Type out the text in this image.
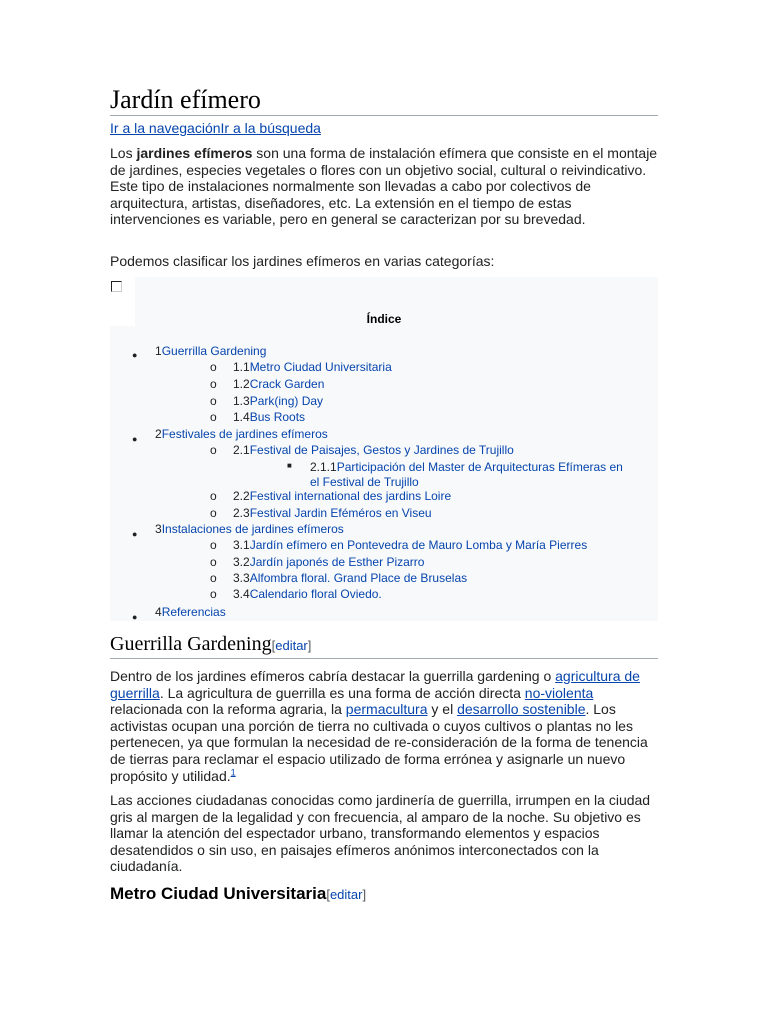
Jardín efímero
Ir a la navegaciónIr a la búsqueda

Los jardines efímeros son una forma de instalación efímera que consiste en el montaje de jardines, especies vegetales o flores con un objetivo social, cultural o reivindicativo. Este tipo de instalaciones normalmente son llevadas a cabo por colectivos de arquitectura, artistas, diseñadores, etc. La extensión en el tiempo de estas intervenciones es variable, pero en general se caracterizan por su brevedad.

Podemos clasificar los jardines efímeros en varias categorías:

Índice
● 1Guerrilla Gardening
o 1.1Metro Ciudad Universitaria
o 1.2Crack Garden
o 1.3Park(ing) Day
o 1.4Bus Roots
● 2Festivales de jardines efímeros
o 2.1Festival de Paisajes, Gestos y Jardines de Trujillo
■ 2.1.1Participación del Master de Arquitecturas Efímeras en
el Festival de Trujillo
o 2.2Festival international des jardins Loire
o 2.3Festival Jardin Eféméros en Viseu
● 3Instalaciones de jardines efímeros
o 3.1Jardín efímero en Pontevedra de Mauro Lomba y María Pierres
o 3.2Jardín japonés de Esther Pizarro
o 3.3Alfombra floral. Grand Place de Bruselas
o 3.4Calendario floral Oviedo.
● 4Referencias
Guerrilla Gardening[editar]

Dentro de los jardines efímeros cabría destacar la guerrilla gardening o agricultura de guerrilla. La agricultura de guerrilla es una forma de acción directa no-violenta relacionada con la reforma agraria, la permacultura y el desarrollo sostenible. Los activistas ocupan una porción de tierra no cultivada o cuyos cultivos o plantas no les pertenecen, ya que formulan la necesidad de re-consideración de la forma de tenencia de tierras para reclamar el espacio utilizado de forma errónea y asignarle un nuevo propósito y utilidad.$^1$

Las acciones ciudadanas conocidas como jardinería de guerrilla, irrumpen en la ciudad gris al margen de la legalidad y con frecuencia, al amparo de la noche. Su objetivo es llamar la atención del espectador urbano, transformando elementos y espacios desatendidos o sin uso, en paisajes efímeros anónimos interconectados con la ciudadanía.

Metro Ciudad Universitaria[editar]
